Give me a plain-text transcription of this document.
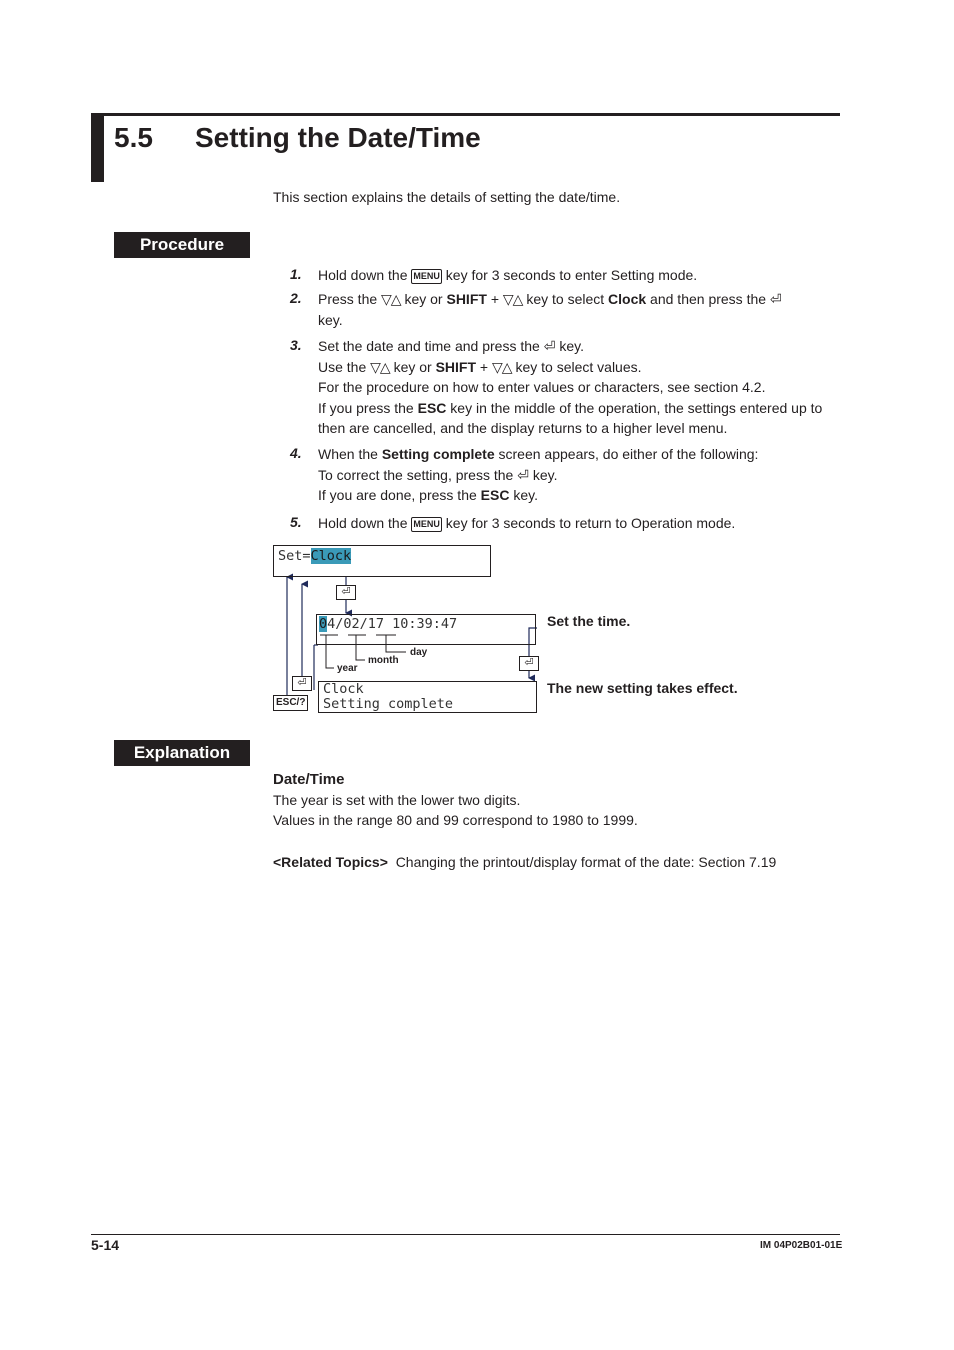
5.5 Setting the Date/Time
This section explains the details of setting the date/time.
Procedure
1. Hold down the MENU key for 3 seconds to enter Setting mode.
2. Press the ▽△ key or SHIFT + ▽△ key to select Clock and then press the ⏎
key.
3. Set the date and time and press the ⏎ key.
Use the ▽△ key or SHIFT + ▽△ key to select values.
For the procedure on how to enter values or characters, see section 4.2.
If you press the ESC key in the middle of the operation, the settings entered up to then are cancelled, and the display returns to a higher level menu.
4. When the Setting complete screen appears, do either of the following:
To correct the setting, press the ⏎ key.
If you are done, press the ESC key.
5. Hold down the MENU key for 3 seconds to return to Operation mode.
Set=Clock
⏎
04/02/17 10:39:47
day
month
year
Set the time.
⏎
⏎	Clock
Setting complete
The new setting takes effect.
ESC/?
Explanation
Date/Time
The year is set with the lower two digits.
Values in the range 80 and 99 correspond to 1980 to 1999.
<Related Topics> Changing the printout/display format of the date: Section 7.19
5-14	IM 04P02B01-01E
